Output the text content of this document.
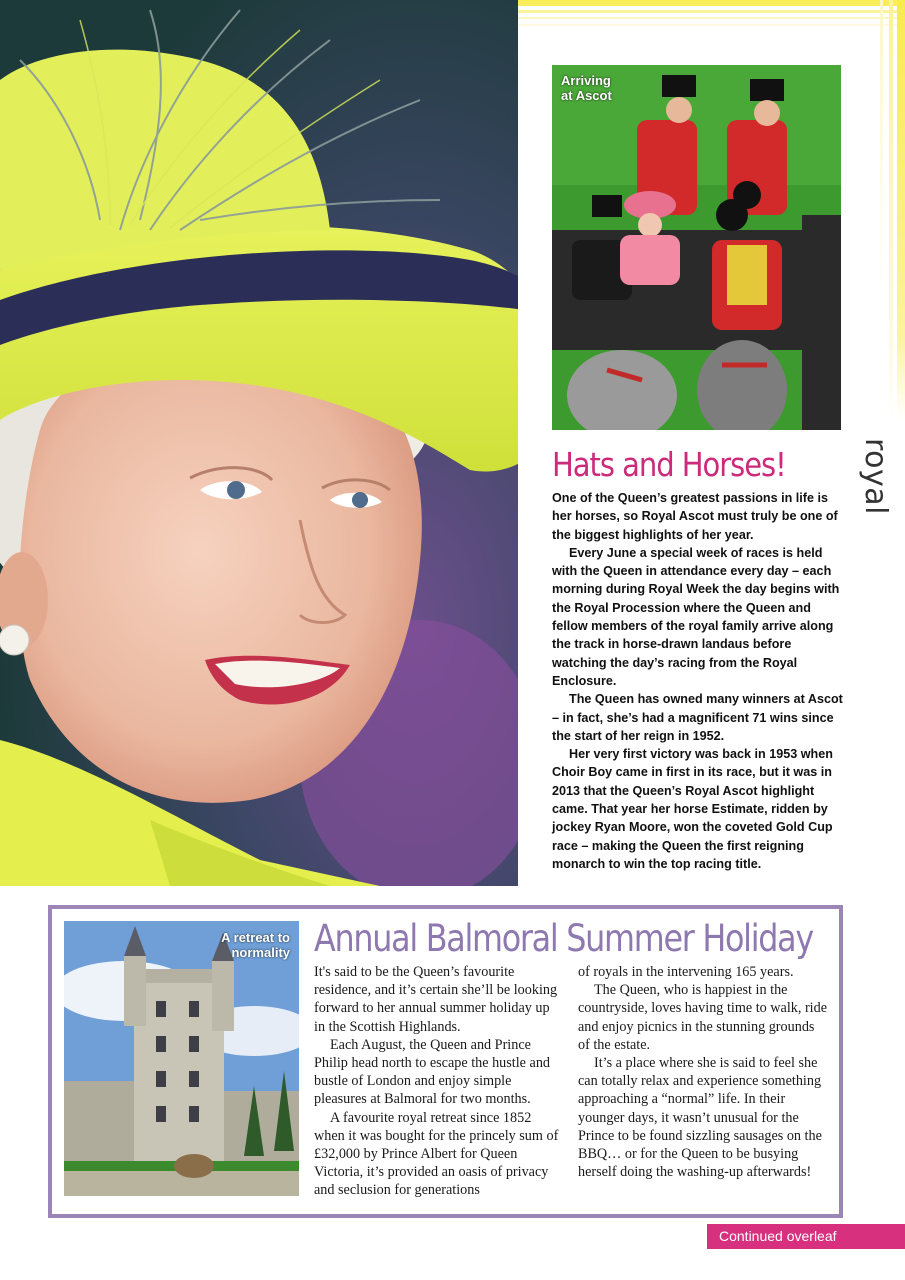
Arriving
at Ascot
royal
Hats and Horses!

One of the Queen’s greatest passions in life is her horses, so Royal Ascot must truly be one of the biggest highlights of her year.

Every June a special week of races is held with the Queen in attendance every day – each morning during Royal Week the day begins with the Royal Procession where the Queen and fellow members of the royal family arrive along the track in horse-drawn landaus before watching the day’s racing from the Royal Enclosure.

The Queen has owned many winners at Ascot – in fact, she’s had a magnificent 71 wins since the start of her reign in 1952.

Her very first victory was back in 1953 when Choir Boy came in first in its race, but it was in 2013 that the Queen’s Royal Ascot highlight came. That year her horse Estimate, ridden by jockey Ryan Moore, won the coveted Gold Cup race – making the Queen the first reigning monarch to win the top racing title.

A retreat to
normality Annual Balmoral Summer Holiday

It's said to be the Queen’s favourite residence, and it’s certain she’ll be looking forward to her annual summer holiday up in the Scottish Highlands.

Each August, the Queen and Prince Philip head north to escape the hustle and bustle of London and enjoy simple pleasures at Balmoral for two months.

A favourite royal retreat since 1852 when it was bought for the princely sum of £32,000 by Prince Albert for Queen Victoria, it’s provided an oasis of privacy and seclusion for generations

of royals in the intervening 165 years.

The Queen, who is happiest in the countryside, loves having time to walk, ride and enjoy picnics in the stunning grounds of the estate.

It’s a place where she is said to feel she can totally relax and experience something approaching a “normal” life. In their younger days, it wasn’t unusual for the Prince to be found sizzling sausages on the BBQ… or for the Queen to be busying herself doing the washing-up afterwards!

Continued overleaf
